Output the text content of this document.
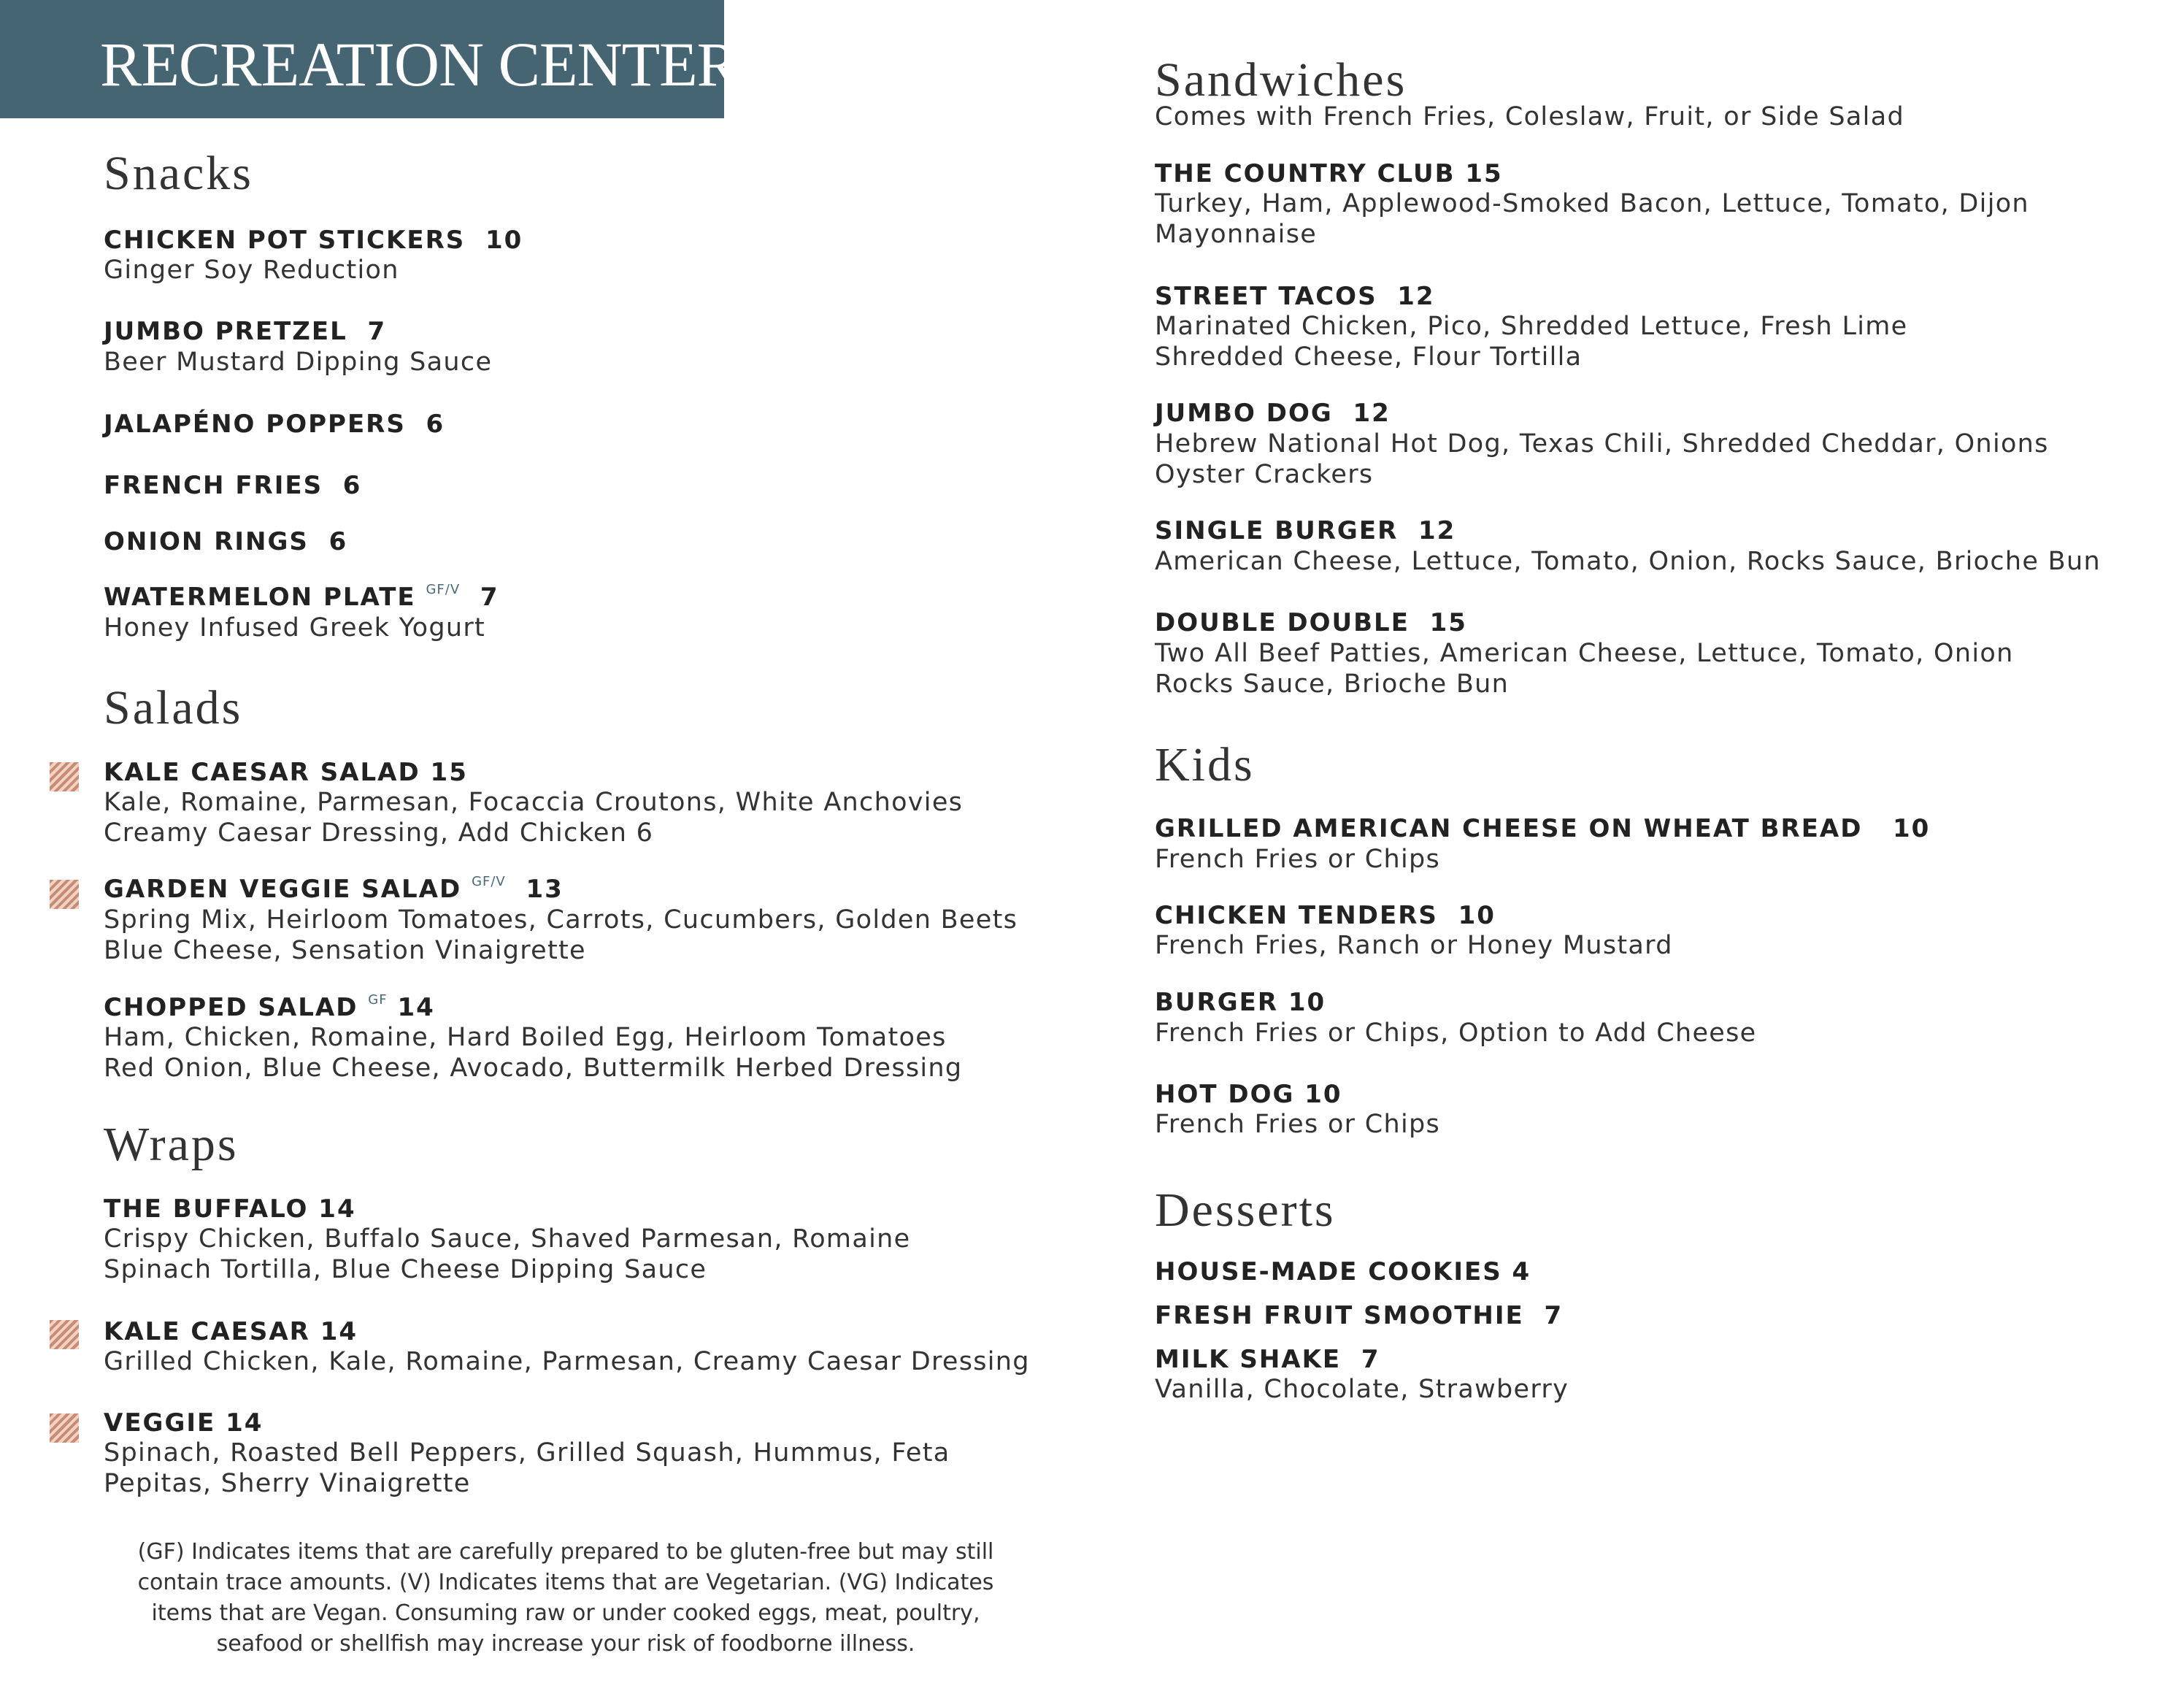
RECREATION CENTER
Snacks
CHICKEN POT STICKERS 10
Ginger Soy Reduction
JUMBO PRETZEL 7
Beer Mustard Dipping Sauce
JALAPÉNO POPPERS 6
FRENCH FRIES 6
ONION RINGS 6
WATERMELON PLATE $^{GF/V}$ 7
Honey Infused Greek Yogurt
Salads
KALE CAESAR SALAD 15
Kale, Romaine, Parmesan, Focaccia Croutons, White Anchovies
Creamy Caesar Dressing, Add Chicken 6
GARDEN VEGGIE SALAD $^{GF/V}$ 13
Spring Mix, Heirloom Tomatoes, Carrots, Cucumbers, Golden Beets
Blue Cheese, Sensation Vinaigrette
CHOPPED SALAD $^{GF}$ 14
Ham, Chicken, Romaine, Hard Boiled Egg, Heirloom Tomatoes
Red Onion, Blue Cheese, Avocado, Buttermilk Herbed Dressing
Wraps
THE BUFFALO 14
Crispy Chicken, Buffalo Sauce, Shaved Parmesan, Romaine
Spinach Tortilla, Blue Cheese Dipping Sauce
KALE CAESAR 14
Grilled Chicken, Kale, Romaine, Parmesan, Creamy Caesar Dressing
VEGGIE 14
Spinach, Roasted Bell Peppers, Grilled Squash, Hummus, Feta
Pepitas, Sherry Vinaigrette

(GF) Indicates items that are carefully prepared to be gluten-free but may still contain trace amounts. (V) Indicates items that are Vegetarian. (VG) Indicates items that are Vegan. Consuming raw or under cooked eggs, meat, poultry, seafood or shellfish may increase your risk of foodborne illness.

Sandwiches
Comes with French Fries, Coleslaw, Fruit, or Side Salad
THE COUNTRY CLUB 15
Turkey, Ham, Applewood-Smoked Bacon, Lettuce, Tomato, Dijon
Mayonnaise
STREET TACOS 12
Marinated Chicken, Pico, Shredded Lettuce, Fresh Lime
Shredded Cheese, Flour Tortilla
JUMBO DOG 12
Hebrew National Hot Dog, Texas Chili, Shredded Cheddar, Onions
Oyster Crackers
SINGLE BURGER 12
American Cheese, Lettuce, Tomato, Onion, Rocks Sauce, Brioche Bun
DOUBLE DOUBLE 15
Two All Beef Patties, American Cheese, Lettuce, Tomato, Onion
Rocks Sauce, Brioche Bun
Kids
GRILLED AMERICAN CHEESE ON WHEAT BREAD 10
French Fries or Chips
CHICKEN TENDERS 10
French Fries, Ranch or Honey Mustard
BURGER 10
French Fries or Chips, Option to Add Cheese
HOT DOG 10
French Fries or Chips
Desserts
HOUSE-MADE COOKIES 4
FRESH FRUIT SMOOTHIE 7
MILK SHAKE 7
Vanilla, Chocolate, Strawberry
